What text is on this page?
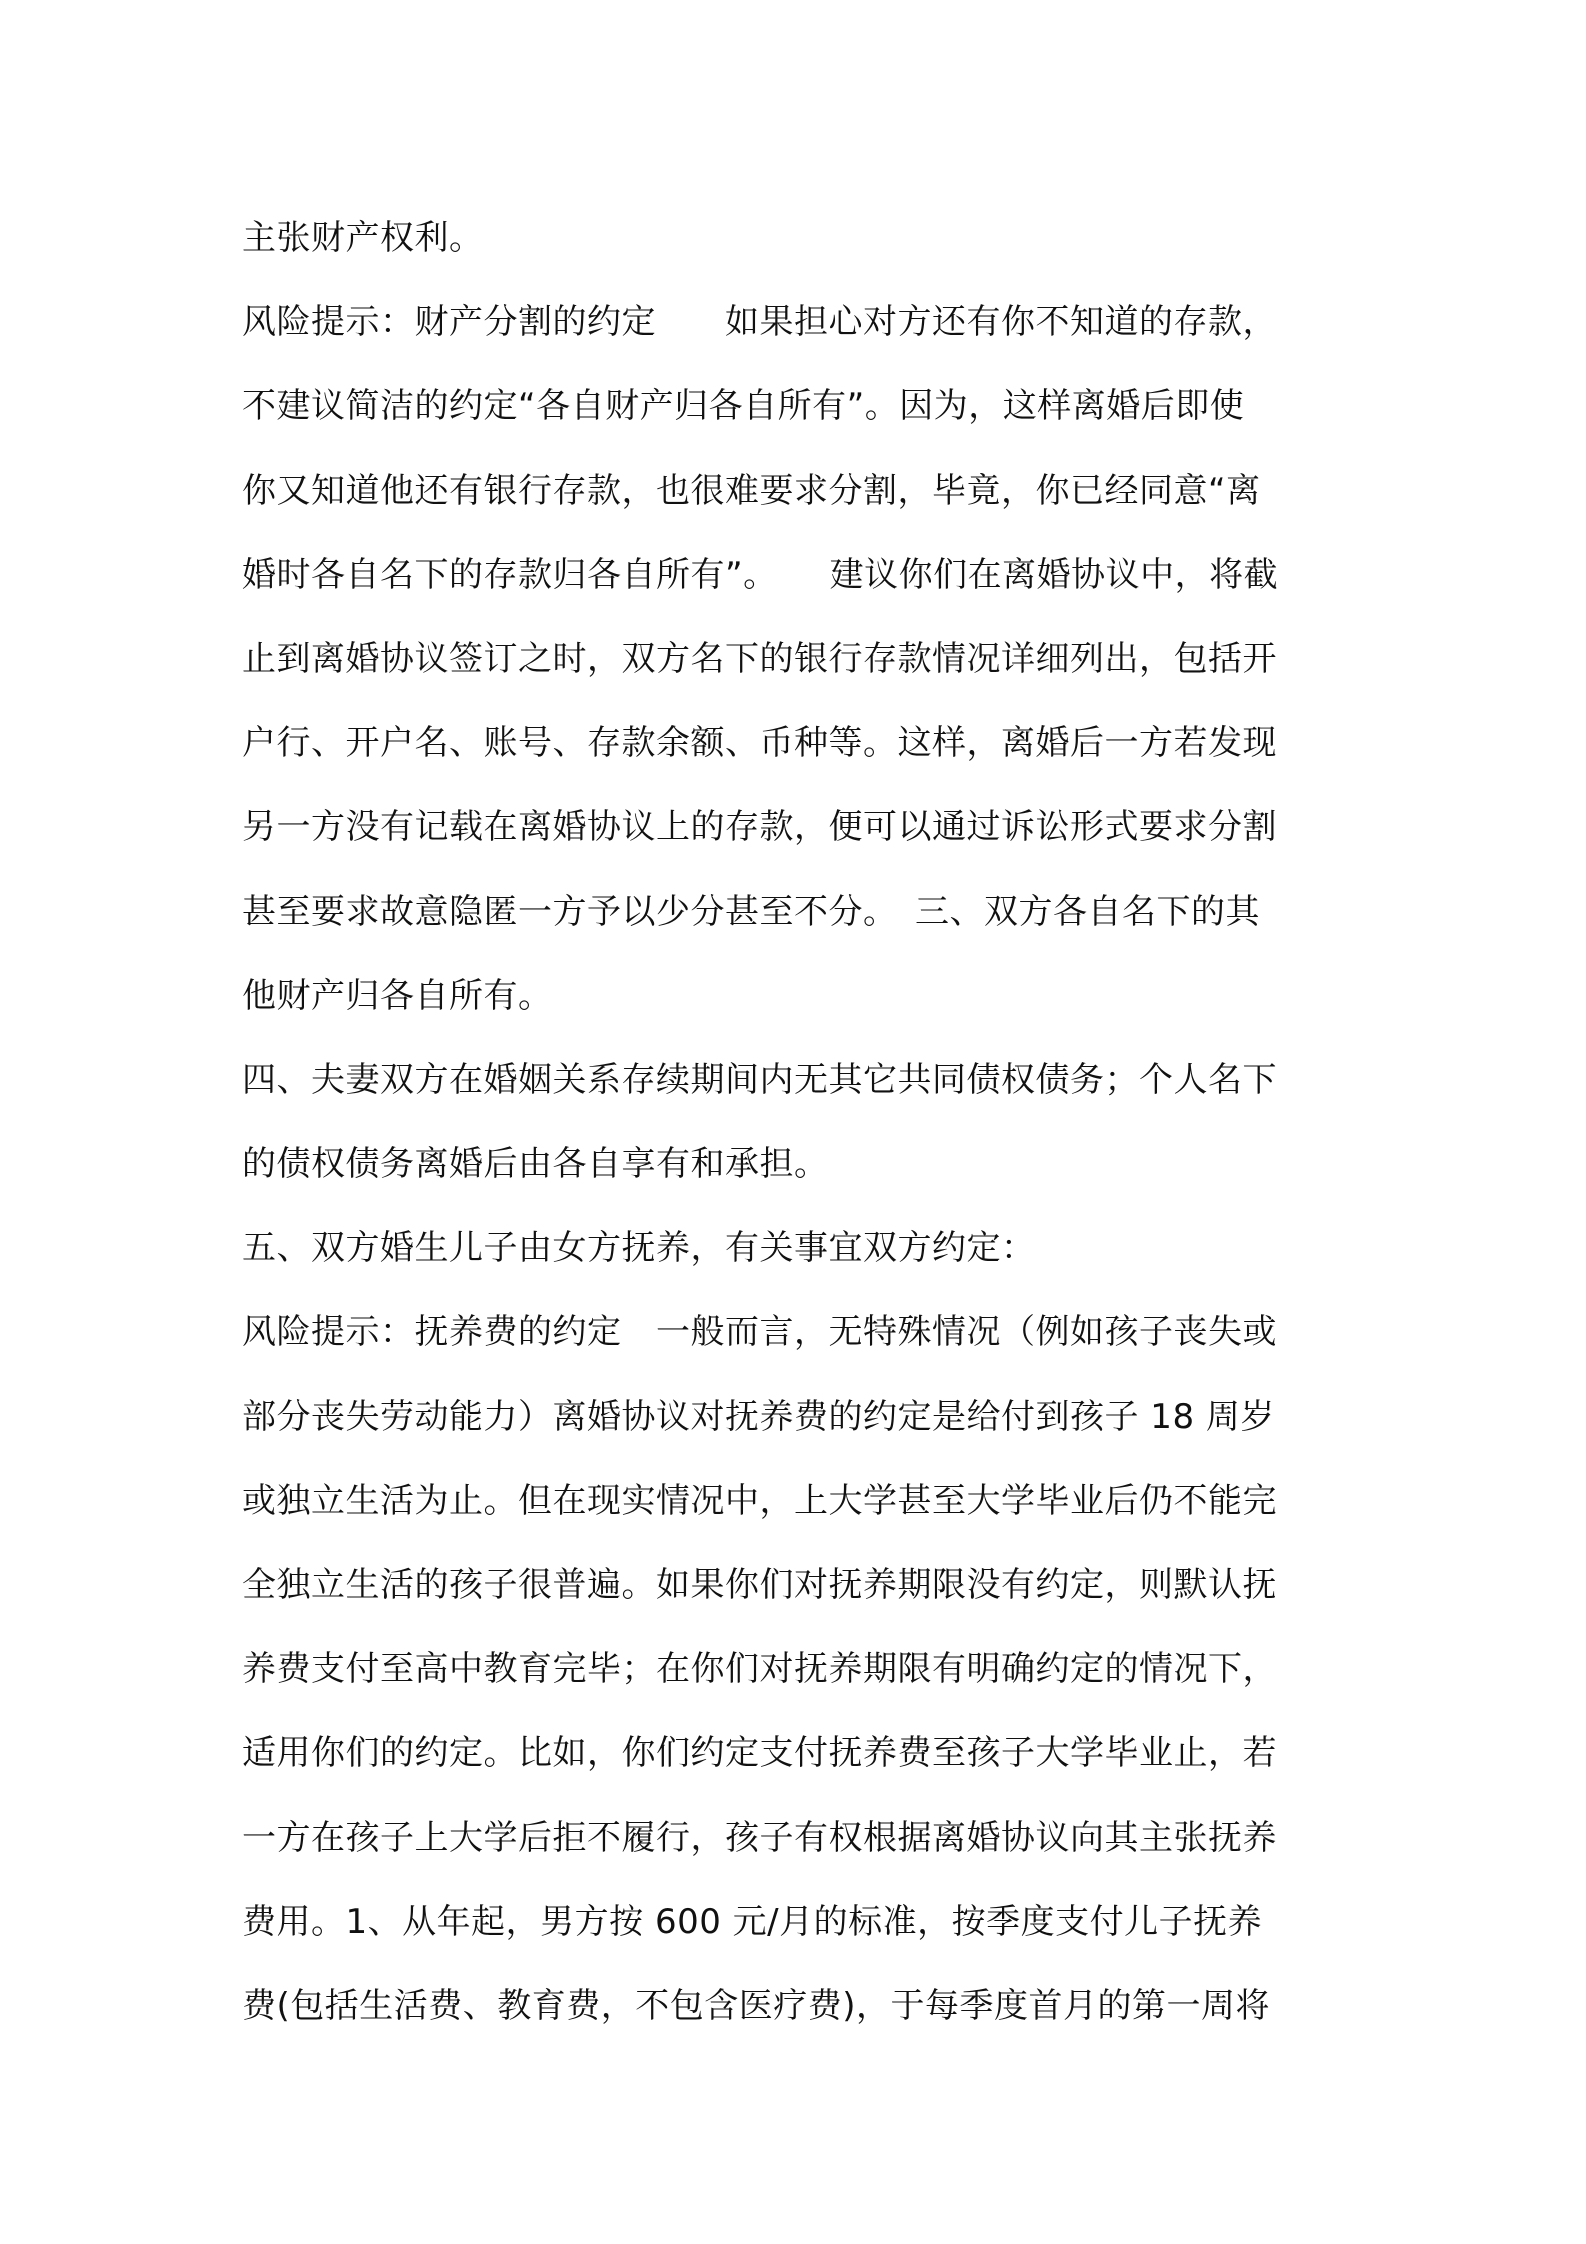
主张财产权利。
风险提示：财产分割的约定　　如果担心对方还有你不知道的存款，
不建议简洁的约定“各自财产归各自所有”。因为，这样离婚后即使
你又知道他还有银行存款，也很难要求分割，毕竟，你已经同意“离
婚时各自名下的存款归各自所有”。　　建议你们在离婚协议中，将截
止到离婚协议签订之时，双方名下的银行存款情况详细列出，包括开
户行、开户名、账号、存款余额、币种等。这样，离婚后一方若发现
另一方没有记载在离婚协议上的存款，便可以通过诉讼形式要求分割
甚至要求故意隐匿一方予以少分甚至不分。　三、双方各自名下的其
他财产归各自所有。
四、夫妻双方在婚姻关系存续期间内无其它共同债权债务；个人名下
的债权债务离婚后由各自享有和承担。
五、双方婚生儿子由女方抚养，有关事宜双方约定：
风险提示：抚养费的约定　一般而言，无特殊情况（例如孩子丧失或
部分丧失劳动能力）离婚协议对抚养费的约定是给付到孩子 18 周岁
或独立生活为止。但在现实情况中，上大学甚至大学毕业后仍不能完
全独立生活的孩子很普遍。如果你们对抚养期限没有约定，则默认抚
养费支付至高中教育完毕；在你们对抚养期限有明确约定的情况下，
适用你们的约定。比如，你们约定支付抚养费至孩子大学毕业止，若
一方在孩子上大学后拒不履行，孩子有权根据离婚协议向其主张抚养
费用。1、从年起，男方按 600 元/月的标准，按季度支付儿子抚养
费(包括生活费、教育费，不包含医疗费)，于每季度首月的第一周将
